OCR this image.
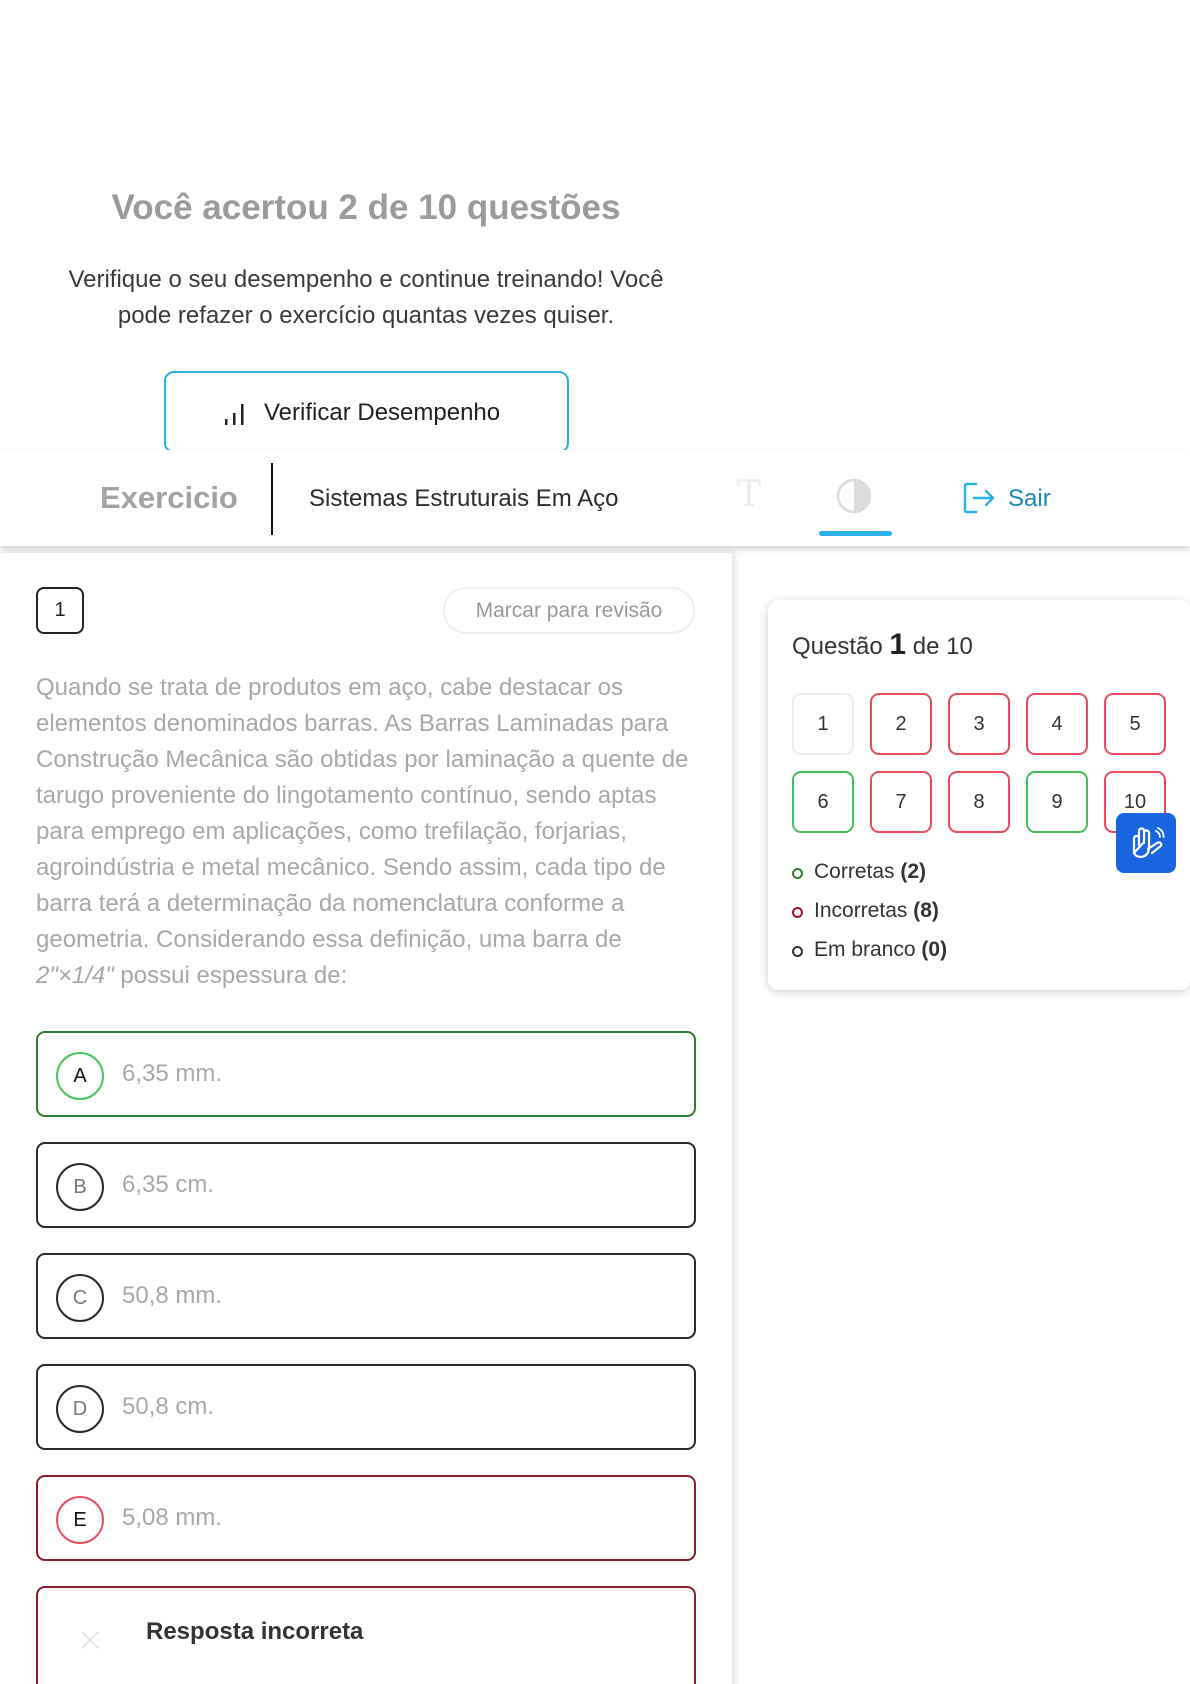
Você acertou 2 de 10 questões

Verifique o seu desempenho e continue treinando! Você pode refazer o exercício quantas vezes quiser.

Verificar Desempenho
Exercicio	Sistemas Estruturais Em Aço	T	Sair
1	Marcar para revisão

Quando se trata de produtos em aço, cabe destacar os elementos denominados barras. As Barras Laminadas para Construção Mecânica são obtidas por laminação a quente de tarugo proveniente do lingotamento contínuo, sendo aptas para emprego em aplicações, como trefilação, forjarias, agroindústria e metal mecânico. Sendo assim, cada tipo de barra terá a determinação da nomenclatura conforme a geometria. Considerando essa definição, uma barra de 2"×1/4" possui espessura de:

A	6,35 mm.
B	6,35 cm.
C	50,8 mm.
D	50,8 cm.
E	5,08 mm.
Resposta incorreta
Questão 1 de 10
1	2	3	4	5
6	7	8	9	10
Corretas (2)
Incorretas (8)
Em branco (0)
